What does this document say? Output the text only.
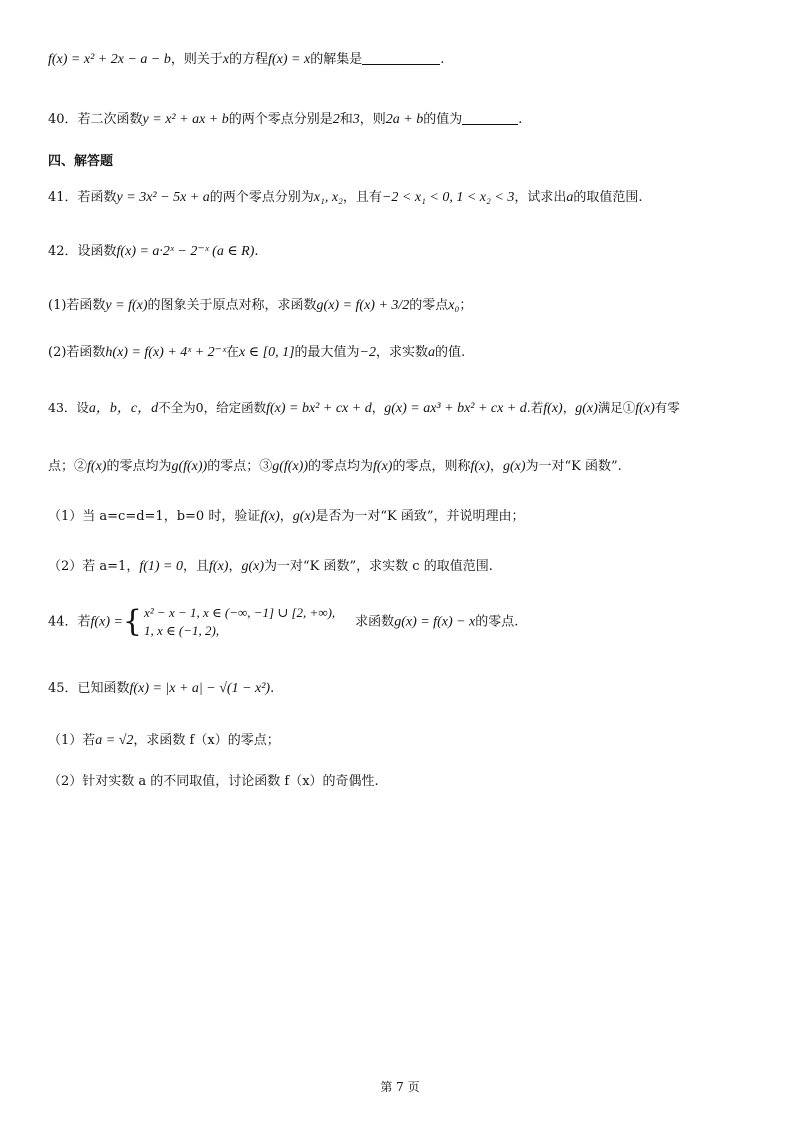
f(x) = x² + 2x − a − b，则关于x的方程f(x) = x的解集是	.
40．若二次函数y = x² + ax + b的两个零点分别是2和3，则2a + b的值为	.
四、解答题
41．若函数y = 3x² − 5x + a的两个零点分别为x₁, x₂，且有−2 < x₁ < 0, 1 < x₂ < 3，试求出a的取值范围.
42．设函数f(x) = a·2ˣ − 2⁻ˣ (a ∈ R).
(1)若函数y = f(x)的图象关于原点对称，求函数g(x) = f(x) + 3/2的零点x₀；
(2)若函数h(x) = f(x) + 4ˣ + 2⁻ˣ在x ∈ [0, 1]的最大值为−2，求实数a的值.
43．设a，b，c，d不全为0，给定函数f(x) = bx² + cx + d，g(x) = ax³ + bx² + cx + d.若f(x)，g(x)满足①f(x)有零
点；②f(x)的零点均为g(f(x))的零点；③g(f(x))的零点均为f(x)的零点，则称f(x)，g(x)为一对“K 函数”.
（1）当 a=c=d=1，b=0 时，验证f(x)，g(x)是否为一对“K 函致”，并说明理由；
（2）若 a=1，f(1) = 0，且f(x)，g(x)为一对“K 函数”，求实数 c 的取值范围.
44．若f(x) ={ x² − x − 1, x ∈ (−∞, −1] ∪ [2, +∞),
1, x ∈ (−1, 2),求函数g(x) = f(x) − x的零点.
45．已知函数f(x) = |x + a| − √(1 − x²).
（1）若a = √2，求函数 f（x）的零点；
（2）针对实数 a 的不同取值，讨论函数 f（x）的奇偶性.
第 7 页
